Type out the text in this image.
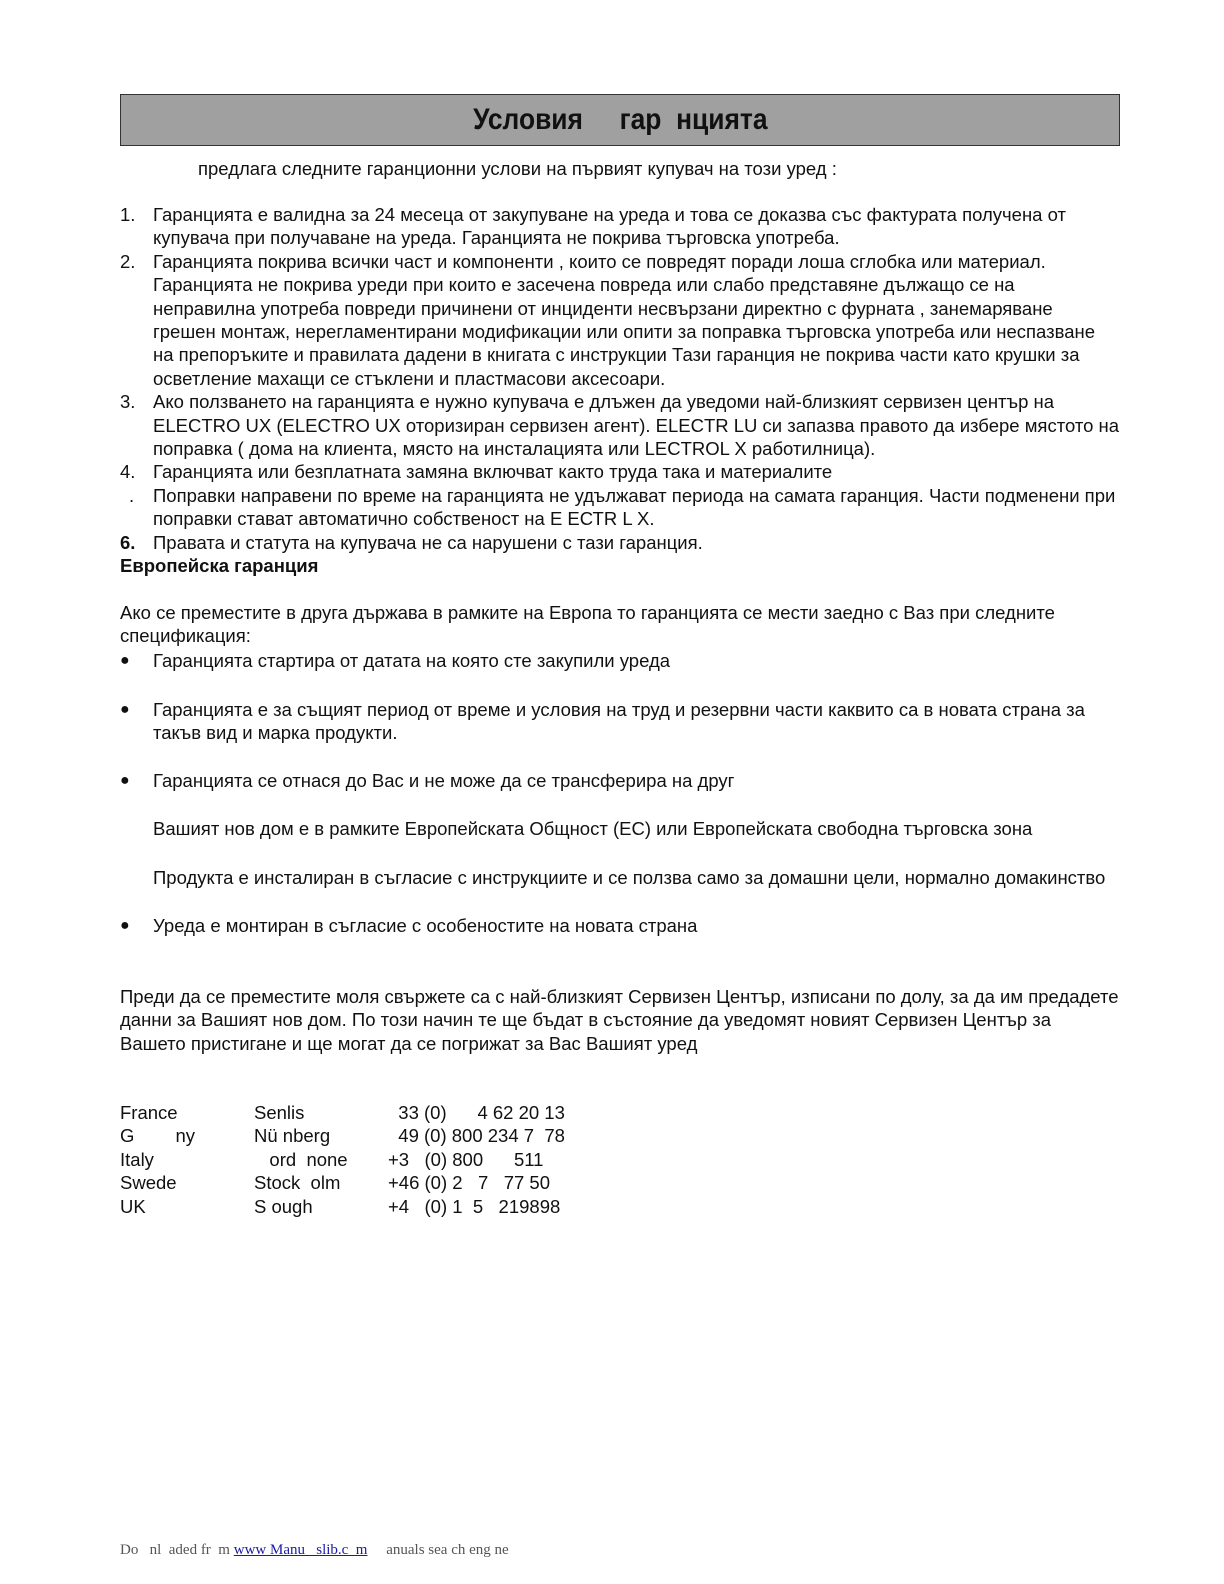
Условия     гар  нцията
предлага следните гаранционни услови на първият купувач на този уред :
1. Гаранцията е валидна за 24 месеца от закупуване на уреда и това се доказва със фактурата получена от купувача при получаване на уреда. Гаранцията не покрива търговска употреба.
2. Гаранцията покрива всички част и компоненти , които се повредят поради лоша сглобка или материал. Гаранцията не покрива уреди при които е засечена повреда или слабо представяне дължащо се на неправилна употреба повреди причинени от инциденти несвързани директно с фурната , занемаряване грешен монтаж, нерегламентирани модификации или опити за поправка търговска употреба или неспазване на препоръките и правилата дадени в книгата с инструкции Тази гаранция не покрива части като крушки за осветление махащи се стъклени и пластмасови аксесоари.
3. Ако ползването на гаранцията е нужно купувача е длъжен да уведоми най-близкият сервизен център на ELECTRO UX (ELECTRO UX оторизиран сервизен агент). ELECTR LU си запазва правото да избере мястото на поправка ( дома на клиента, място на инсталацията или LECTROL X работилница).
4. Гаранцията или безплатната замяна включват както труда така и материалите
.	Поправки направени по време на гаранцията не удължават периода на самата гаранция. Части подменени при поправки стават автоматично собственост на Е ЕСТR L X.
6. Правата и статута на купувача не са нарушени с тази гаранция.
Европейска гаранция
Ако се преместите в друга държава в рамките на Европа то гаранцията се мести заедно с Ваз при следните спецификация:
●	Гаранцията стартира от датата на която сте закупили уреда
●	Гаранцията е за същият период от време и условия на труд и резервни части каквито са в новата страна за такъв вид и марка продукти.
●	Гаранцията се отнася до Вас и не може да се трансферира на друг
Вашият нов дом е в рамките Европейската Общност (ЕС) или Европейската свободна търговска зона
Продукта е инсталиран в съгласие с инструкциите и се ползва само за домашни цели, нормално домакинство
●	Уреда е монтиран в съгласие с особеностите на новата страна
Преди да се преместите моля свържете са с най-близкият Сервизен Център, изписани по долу, за да им предадете данни за Вашият нов дом. По този начин те ще бъдат в състояние да уведомят новият Сервизен Център за Вашето пристигане и ще могат да се погрижат за Вас Вашият уред
France	Senlis	33 (0)      4 62 20 13
G        ny	Nü nberg	49 (0) 800 234 7  78
Italy	ord  none	+3   (0) 800      511
Swede	Stock  olm	+46 (0) 2   7   77 50
UK	S ough	+4   (0) 1  5   219898
Do   nl  aded fr  m www Manu   slib.c  m     anuals sea ch eng ne
